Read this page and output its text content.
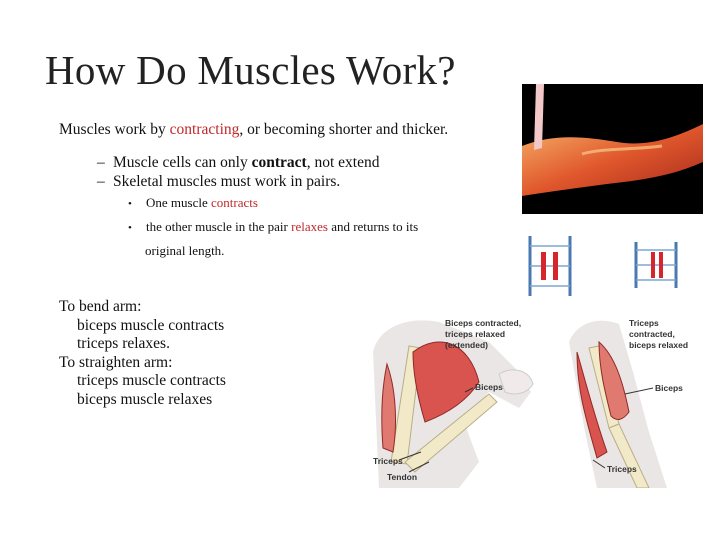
How Do Muscles Work?
Muscles work by contracting, or becoming shorter and thicker.
– Muscle cells can only contract, not extend
– Skeletal muscles must work in pairs.
• One muscle contracts
• the other muscle in the pair relaxes and returns to its
original length.
To bend arm:
biceps muscle contracts
triceps relaxes.
To straighten arm:
triceps muscle contracts
biceps muscle relaxes
Biceps contracted,
triceps relaxed
(extended)
Biceps
Triceps
Tendon
Triceps
contracted,
biceps relaxed
Biceps
Triceps
